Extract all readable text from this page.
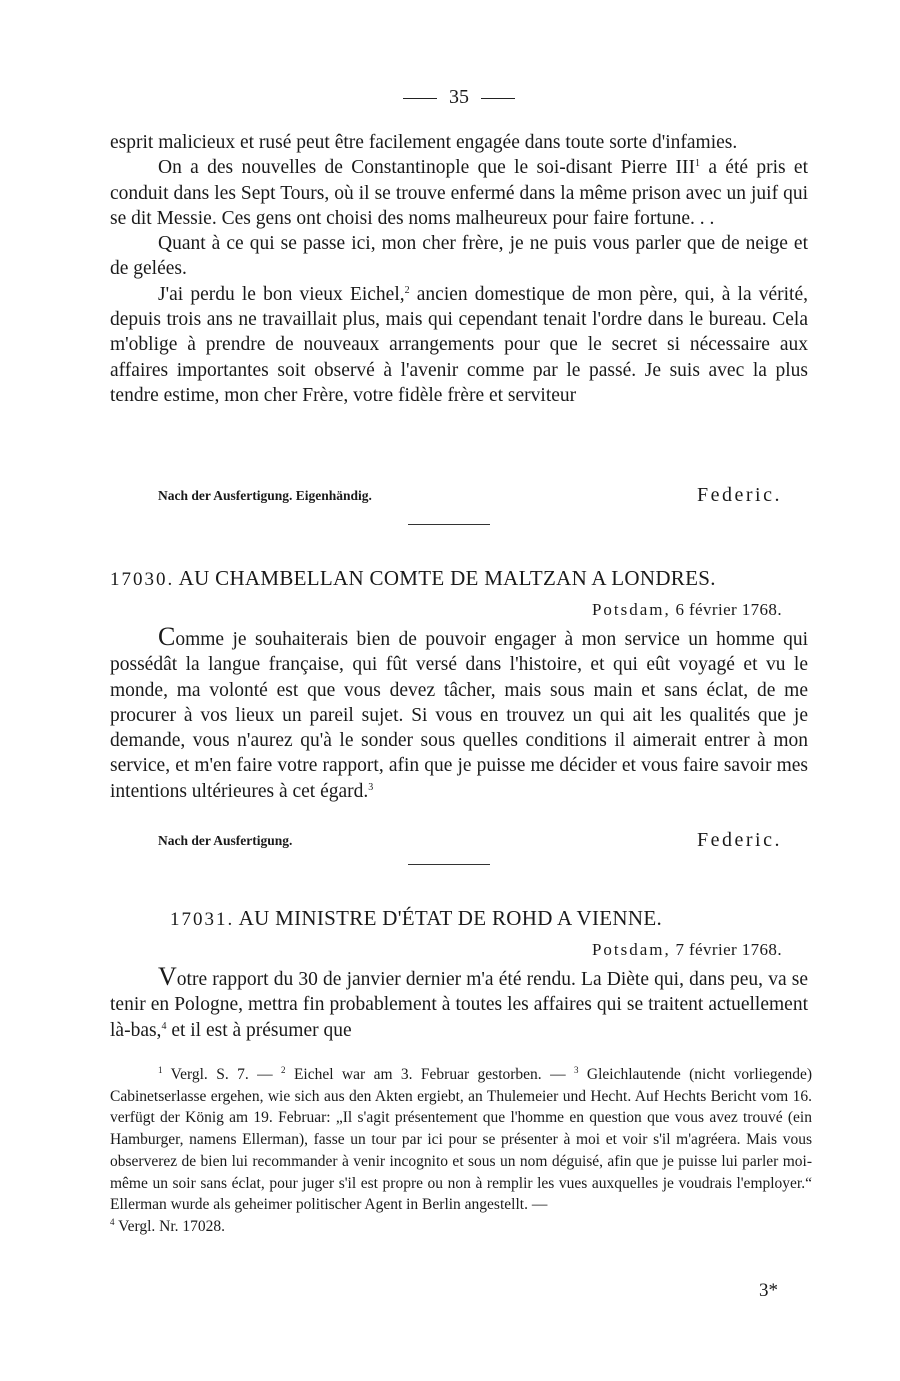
35

esprit malicieux et rusé peut être facilement engagée dans toute sorte d'infamies.

On a des nouvelles de Constantinople que le soi-disant Pierre III$^1$ a été pris et conduit dans les Sept Tours, où il se trouve enfermé dans la même prison avec un juif qui se dit Messie. Ces gens ont choisi des noms malheureux pour faire fortune. . .

Quant à ce qui se passe ici, mon cher frère, je ne puis vous parler que de neige et de gelées.

J'ai perdu le bon vieux Eichel,$^2$ ancien domestique de mon père, qui, à la vérité, depuis trois ans ne travaillait plus, mais qui cependant tenait l'ordre dans le bureau. Cela m'oblige à prendre de nouveaux arrangements pour que le secret si nécessaire aux affaires importantes soit observé à l'avenir comme par le passé. Je suis avec la plus tendre estime, mon cher Frère, votre fidèle frère et serviteur

Nach der Ausfertigung. Eigenhändig.	Federic.
17030. AU CHAMBELLAN COMTE DE MALTZAN A LONDRES.
Potsdam, 6 février 1768.

Comme je souhaiterais bien de pouvoir engager à mon service un homme qui possédât la langue française, qui fût versé dans l'histoire, et qui eût voyagé et vu le monde, ma volonté est que vous devez tâcher, mais sous main et sans éclat, de me procurer à vos lieux un pareil sujet. Si vous en trouvez un qui ait les qualités que je demande, vous n'aurez qu'à le sonder sous quelles conditions il aimerait entrer à mon service, et m'en faire votre rapport, afin que je puisse me décider et vous faire savoir mes intentions ultérieures à cet égard.$^3$

Nach der Ausfertigung.	Federic.
17031. AU MINISTRE D'ÉTAT DE ROHD A VIENNE.
Potsdam, 7 février 1768.

Votre rapport du 30 de janvier dernier m'a été rendu. La Diète qui, dans peu, va se tenir en Pologne, mettra fin probablement à toutes les affaires qui se traitent actuellement là-bas,$^4$ et il est à présumer que

$^1$ Vergl. S. 7. — $^2$ Eichel war am 3. Februar gestorben. — $^3$ Gleichlautende (nicht vorliegende) Cabinetserlasse ergehen, wie sich aus den Akten ergiebt, an Thulemeier und Hecht. Auf Hechts Bericht vom 16. verfügt der König am 19. Februar: „Il s'agit présentement que l'homme en question que vous avez trouvé (ein Hamburger, namens Ellerman), fasse un tour par ici pour se présenter à moi et voir s'il m'agréera. Mais vous observerez de bien lui recommander à venir incognito et sous un nom déguisé, afin que je puisse lui parler moi-même un soir sans éclat, pour juger s'il est propre ou non à remplir les vues auxquelles je voudrais l'employer.“ Ellerman wurde als geheimer politischer Agent in Berlin angestellt. —
$^4$ Vergl. Nr. 17028.

3*
